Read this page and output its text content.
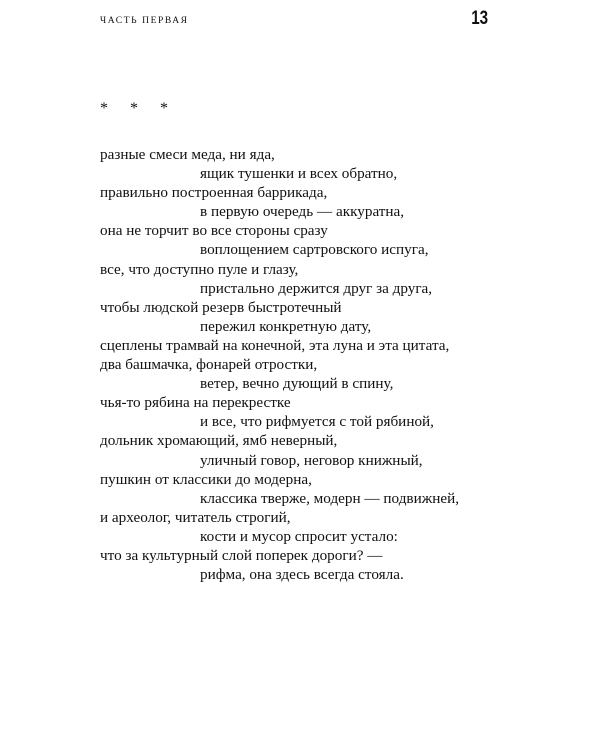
ЧАСТЬ ПЕРВАЯ	13
* * *
разные смеси меда, ни яда,
ящик тушенки и всех обратно,
правильно построенная баррикада,
в первую очередь — аккуратна,
она не торчит во все стороны сразу
воплощением сартровского испуга,
все, что доступно пуле и глазу,
пристально держится друг за друга,
чтобы людской резерв быстротечный
пережил конкретную дату,
сцеплены трамвай на конечной, эта луна и эта цитата,
два башмачка, фонарей отростки,
ветер, вечно дующий в спину,
чья-то рябина на перекрестке
и все, что рифмуется с той рябиной,
дольник хромающий, ямб неверный,
уличный говор, неговор книжный,
пушкин от классики до модерна,
классика тверже, модерн — подвижней,
и археолог, читатель строгий,
кости и мусор спросит устало:
что за культурный слой поперек дороги? —
рифма, она здесь всегда стояла.
